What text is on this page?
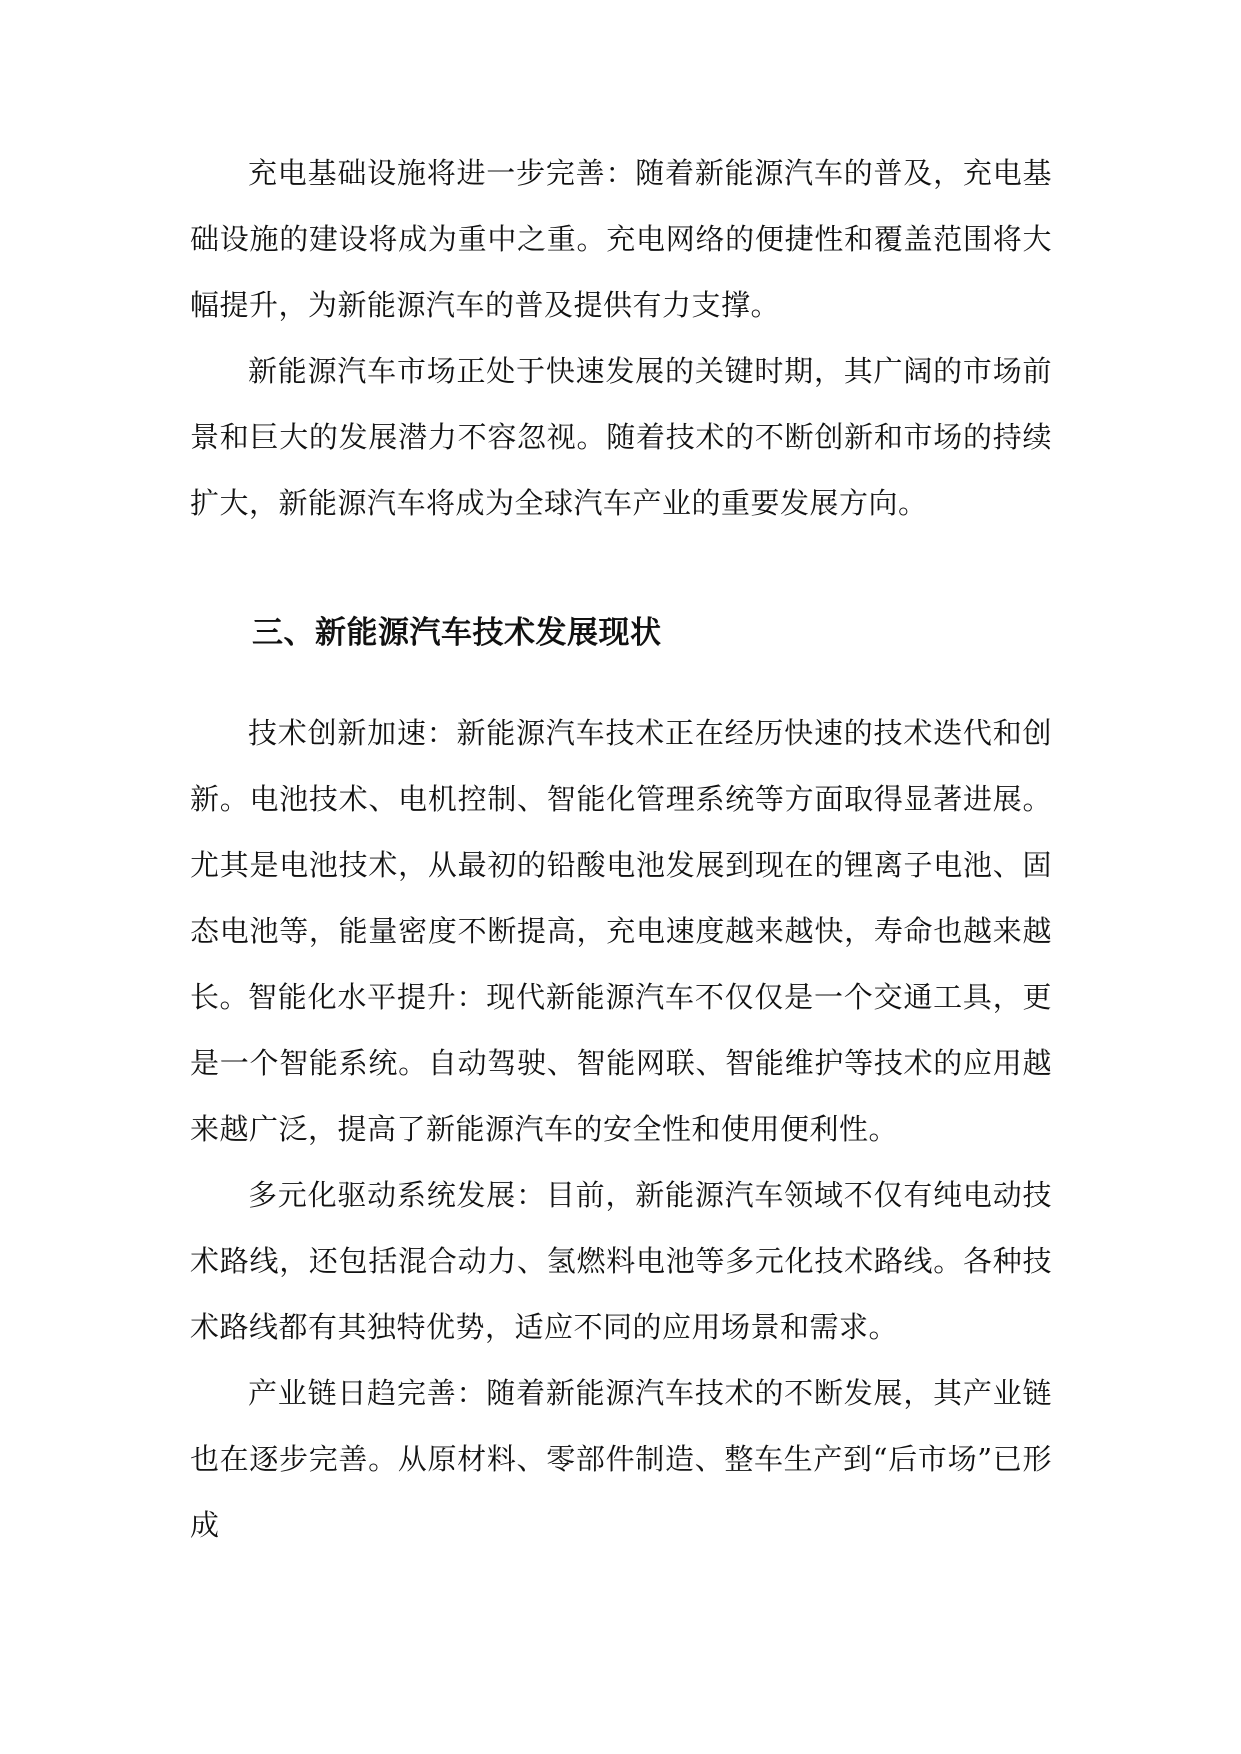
充电基础设施将进一步完善：随着新能源汽车的普及，充电基础设施的建设将成为重中之重。充电网络的便捷性和覆盖范围将大幅提升，为新能源汽车的普及提供有力支撑。

新能源汽车市场正处于快速发展的关键时期，其广阔的市场前景和巨大的发展潜力不容忽视。随着技术的不断创新和市场的持续扩大，新能源汽车将成为全球汽车产业的重要发展方向。

三、新能源汽车技术发展现状

技术创新加速：新能源汽车技术正在经历快速的技术迭代和创新。电池技术、电机控制、智能化管理系统等方面取得显著进展。尤其是电池技术，从最初的铅酸电池发展到现在的锂离子电池、固态电池等，能量密度不断提高，充电速度越来越快，寿命也越来越长。

智能化水平提升：现代新能源汽车不仅仅是一个交通工具，更是一个智能系统。自动驾驶、智能网联、智能维护等技术的应用越来越广泛，提高了新能源汽车的安全性和使用便利性。

多元化驱动系统发展：目前，新能源汽车领域不仅有纯电动技术路线，还包括混合动力、氢燃料电池等多元化技术路线。各种技术路线都有其独特优势，适应不同的应用场景和需求。

产业链日趋完善：随着新能源汽车技术的不断发展，其产业链也在逐步完善。从原材料、零部件制造、整车生产到“后市场”已形成
